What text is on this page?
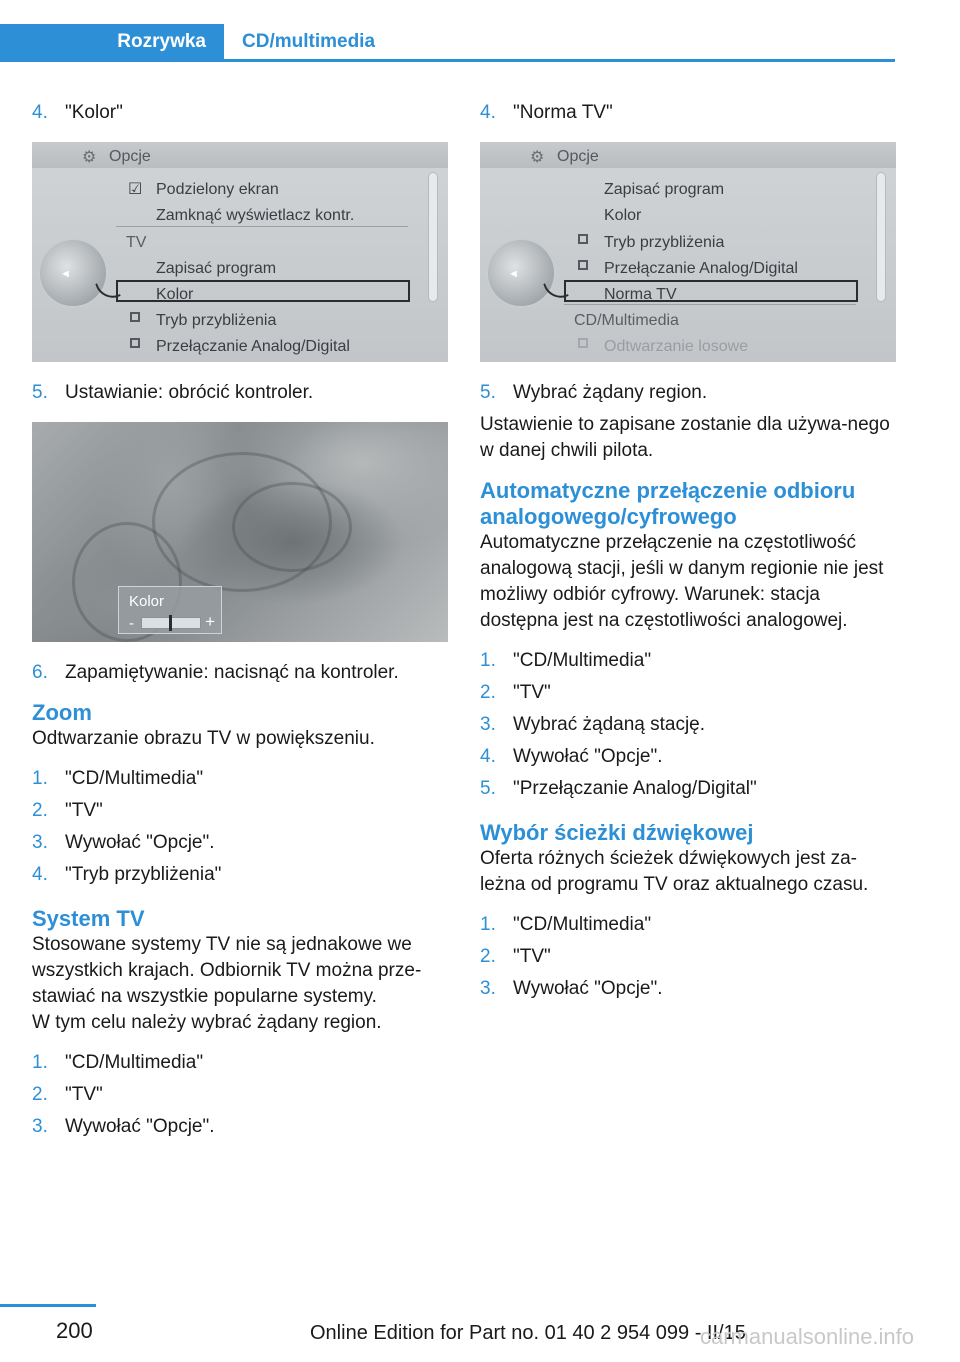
Rozrywka	CD/multimedia
4. "Kolor"
⚙ Opcje
◄
☑ Podzielony ekran
Zamknąć wyświetlacz kontr.
TV
Zapisać program
Kolor
Tryb przybliżenia
Przełączanie Analog/Digital
5. Ustawianie: obrócić kontroler.
Kolor
-	+
6. Zapamiętywanie: nacisnąć na kontroler.
Zoom

Odtwarzanie obrazu TV w powiększeniu.

1. "CD/Multimedia"
2. "TV"
3. Wywołać "Opcje".
4. "Tryb przybliżenia"
System TV

Stosowane systemy TV nie są jednakowe we wszystkich krajach. Odbiornik TV można prze-stawiać na wszystkie popularne systemy.

W tym celu należy wybrać żądany region.

1. "CD/Multimedia"
2. "TV"
3. Wywołać "Opcje".
4. "Norma TV"
⚙ Opcje
◄
Zapisać program
Kolor
Tryb przybliżenia
Przełączanie Analog/Digital
Norma TV
CD/Multimedia
Odtwarzanie losowe
5. Wybrać żądany region.

Ustawienie to zapisane zostanie dla używa-nego w danej chwili pilota.

Automatyczne przełączenie odbioru analogowego/cyfrowego

Automatyczne przełączenie na częstotliwość analogową stacji, jeśli w danym regionie nie jest możliwy odbiór cyfrowy. Warunek: stacja dostępna jest na częstotliwości analogowej.

1. "CD/Multimedia"
2. "TV"
3. Wybrać żądaną stację.
4. Wywołać "Opcje".
5. "Przełączanie Analog/Digital"
Wybór ścieżki dźwiękowej

Oferta różnych ścieżek dźwiękowych jest za-leżna od programu TV oraz aktualnego czasu.

1. "CD/Multimedia"
2. "TV"
3. Wywołać "Opcje".
200	Online Edition for Part no. 01 40 2 954 099 - II/15
carmanualsonline.info
